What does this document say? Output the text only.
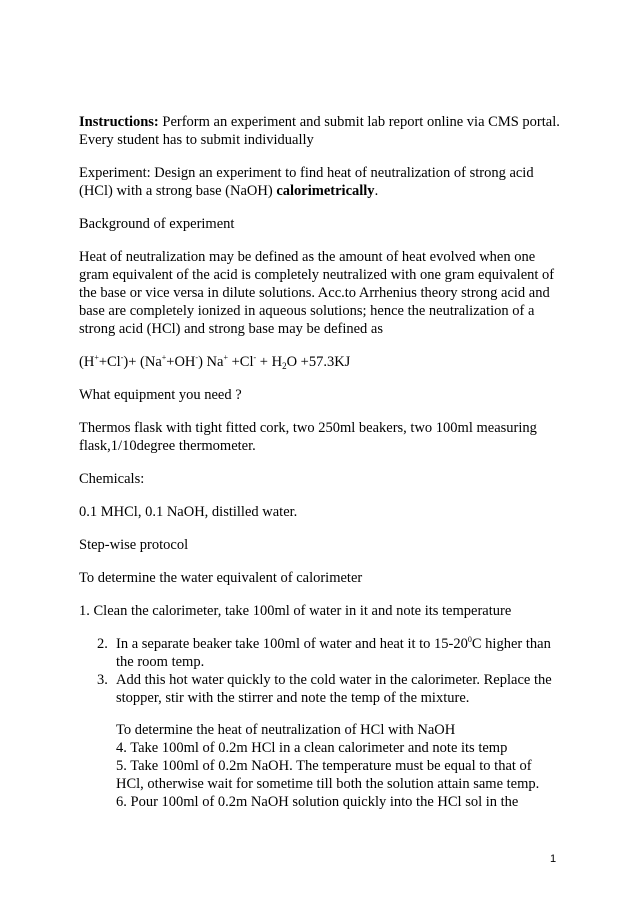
Instructions: Perform an experiment and submit lab report online via CMS portal. Every student has to submit individually

Experiment: Design an experiment to find heat of neutralization of strong acid (HCl) with a strong base (NaOH) calorimetrically.

Background of experiment

Heat of neutralization may be defined as the amount of heat evolved when one gram equivalent of the acid is completely neutralized with one gram equivalent of the base or vice versa in dilute solutions. Acc.to Arrhenius theory strong acid and base are completely ionized in aqueous solutions; hence the neutralization of a strong acid (HCl) and strong base may be defined as

(H++Cl-)+ (Na++OH-) $Na^+ +Cl^- + H_2O +57.3KJ$

What equipment you need ?

Thermos flask with tight fitted cork, two 250ml beakers, two 100ml measuring flask,1/10degree thermometer.

Chemicals:

0.1 MHCl, 0.1 NaOH, distilled water.

Step-wise protocol

To determine the water equivalent of calorimeter

1. Clean the calorimeter, take 100ml of water in it and note its temperature

2. In a separate beaker take 100ml of water and heat it to $15-20^0C$ higher than the room temp.
3. Add this hot water quickly to the cold water in the calorimeter. Replace the stopper, stir with the stirrer and note the temp of the mixture.
To determine the heat of neutralization of HCl with NaOH
4. Take 100ml of 0.2m HCl in a clean calorimeter and note its temp
5. Take 100ml of 0.2m NaOH. The temperature must be equal to that of HCl, otherwise wait for sometime till both the solution attain same temp.
6. Pour 100ml of 0.2m NaOH solution quickly into the HCl sol in the
1
